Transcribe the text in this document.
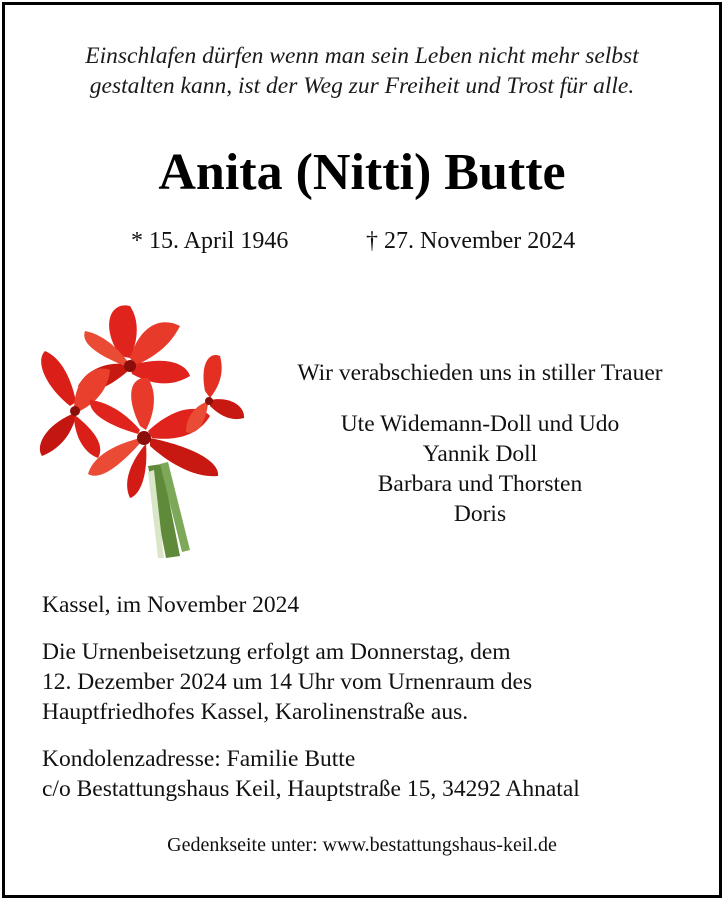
Einschlafen dürfen wenn man sein Leben nicht mehr selbst
gestalten kann, ist der Weg zur Freiheit und Trost für alle.
Anita (Nitti) Butte
* 15. April 1946	† 27. November 2024
Wir verabschieden uns in stiller Trauer
Ute Widemann-Doll und Udo
Yannik Doll
Barbara und Thorsten
Doris
Kassel, im November 2024
Die Urnenbeisetzung erfolgt am Donnerstag, dem
12. Dezember 2024 um 14 Uhr vom Urnenraum des
Hauptfriedhofes Kassel, Karolinenstraße aus.
Kondolenzadresse: Familie Butte
c/o Bestattungshaus Keil, Hauptstraße 15, 34292 Ahnatal
Gedenkseite unter: www.bestattungshaus-keil.de
